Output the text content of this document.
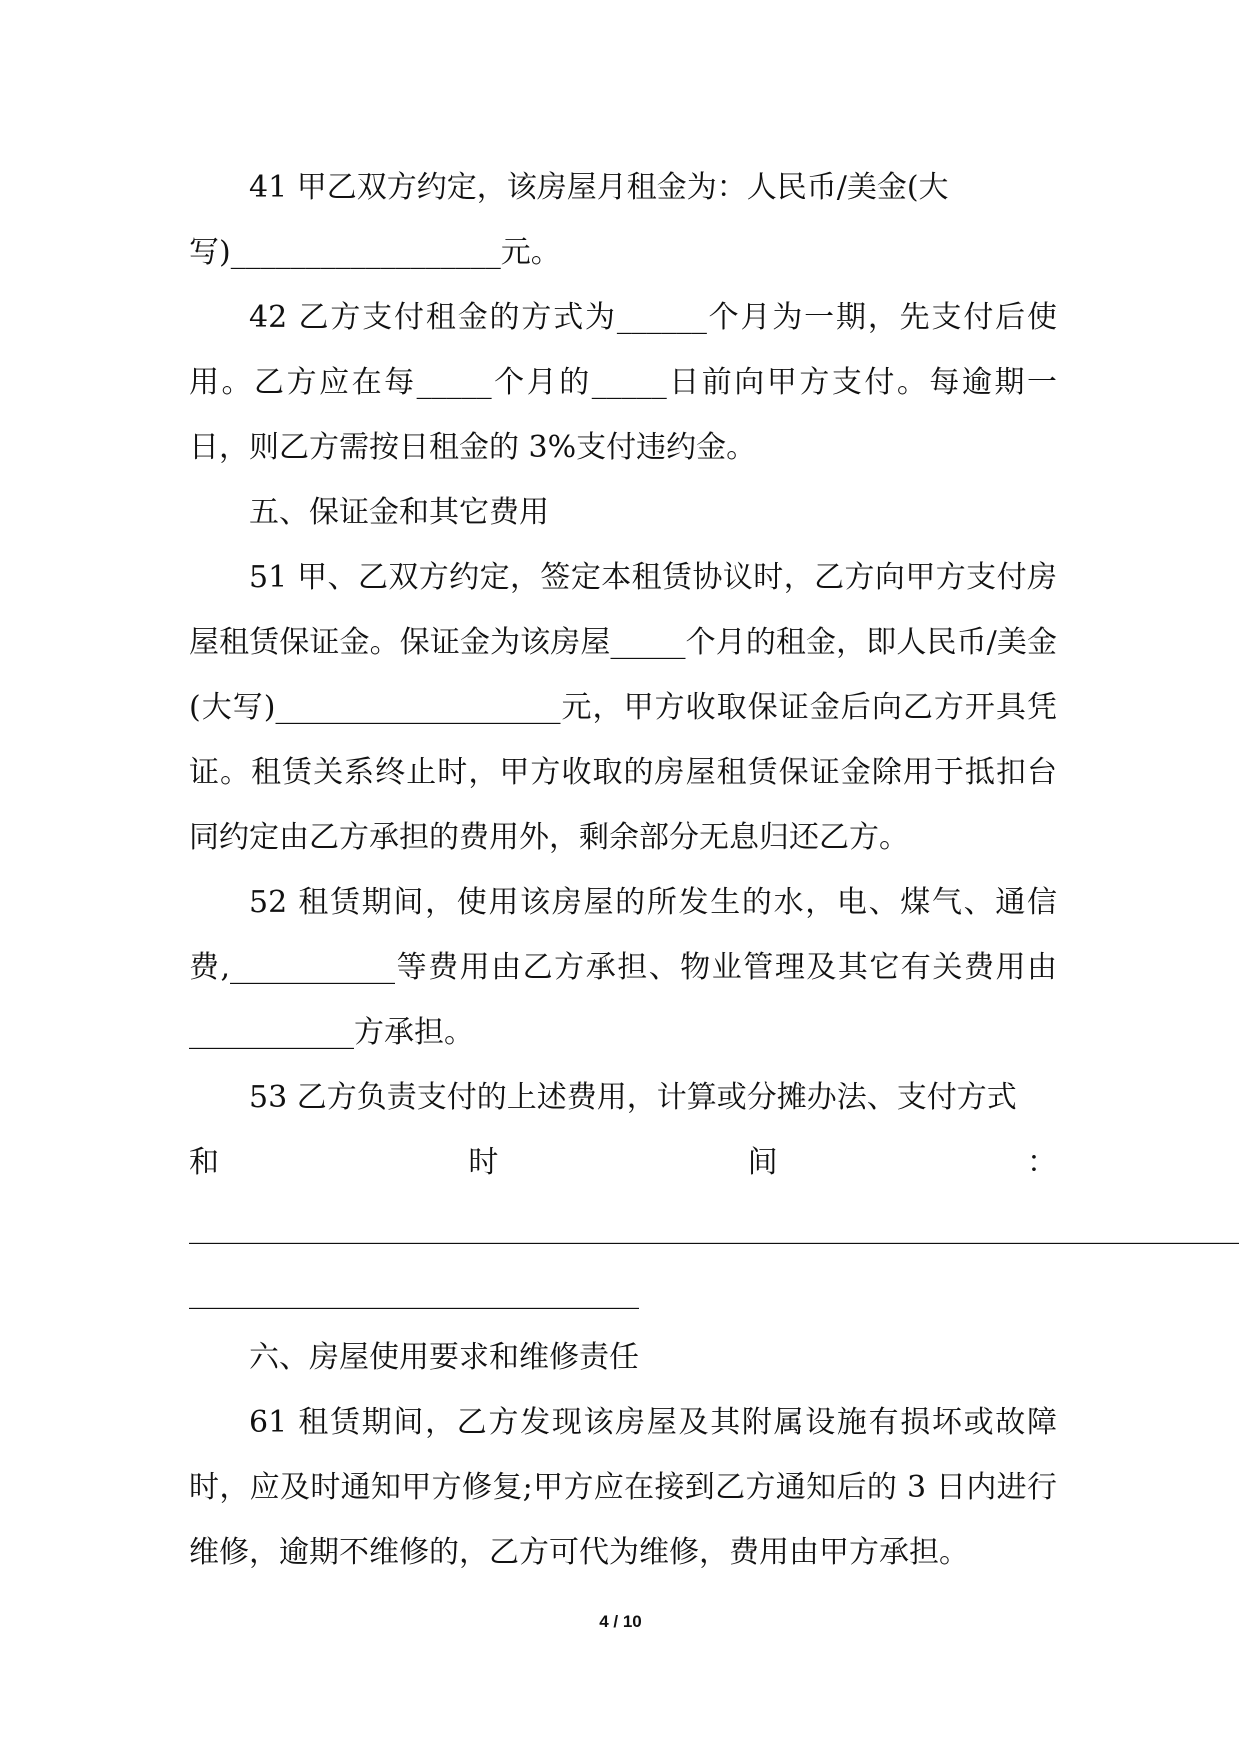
41 甲乙双方约定，该房屋月租金为：人民币/美金(大

写)__________________元。

42 乙方支付租金的方式为______个月为一期，先支付后使用。乙方应在每_____个月的_____日前向甲方支付。每逾期一日，则乙方需按日租金的 3%支付违约金。

五、保证金和其它费用

51 甲、乙双方约定，签定本租赁协议时，乙方向甲方支付房屋租赁保证金。保证金为该房屋_____个月的租金，即人民币/美金(大写)___________________元，甲方收取保证金后向乙方开具凭证。租赁关系终止时，甲方收取的房屋租赁保证金除用于抵扣台同约定由乙方承担的费用外，剩余部分无息归还乙方。

52 租赁期间，使用该房屋的所发生的水，电、煤气、通信费,___________等费用由乙方承担、物业管理及其它有关费用由___________方承担。

53 乙方负责支付的上述费用，计算或分摊办法、支付方式

和	时	间	：

______________________________________________________________________

______________________________

六、房屋使用要求和维修责任

61 租赁期间，乙方发现该房屋及其附属设施有损坏或故障时，应及时通知甲方修复;甲方应在接到乙方通知后的 3 日内进行维修，逾期不维修的，乙方可代为维修，费用由甲方承担。

4 / 10
